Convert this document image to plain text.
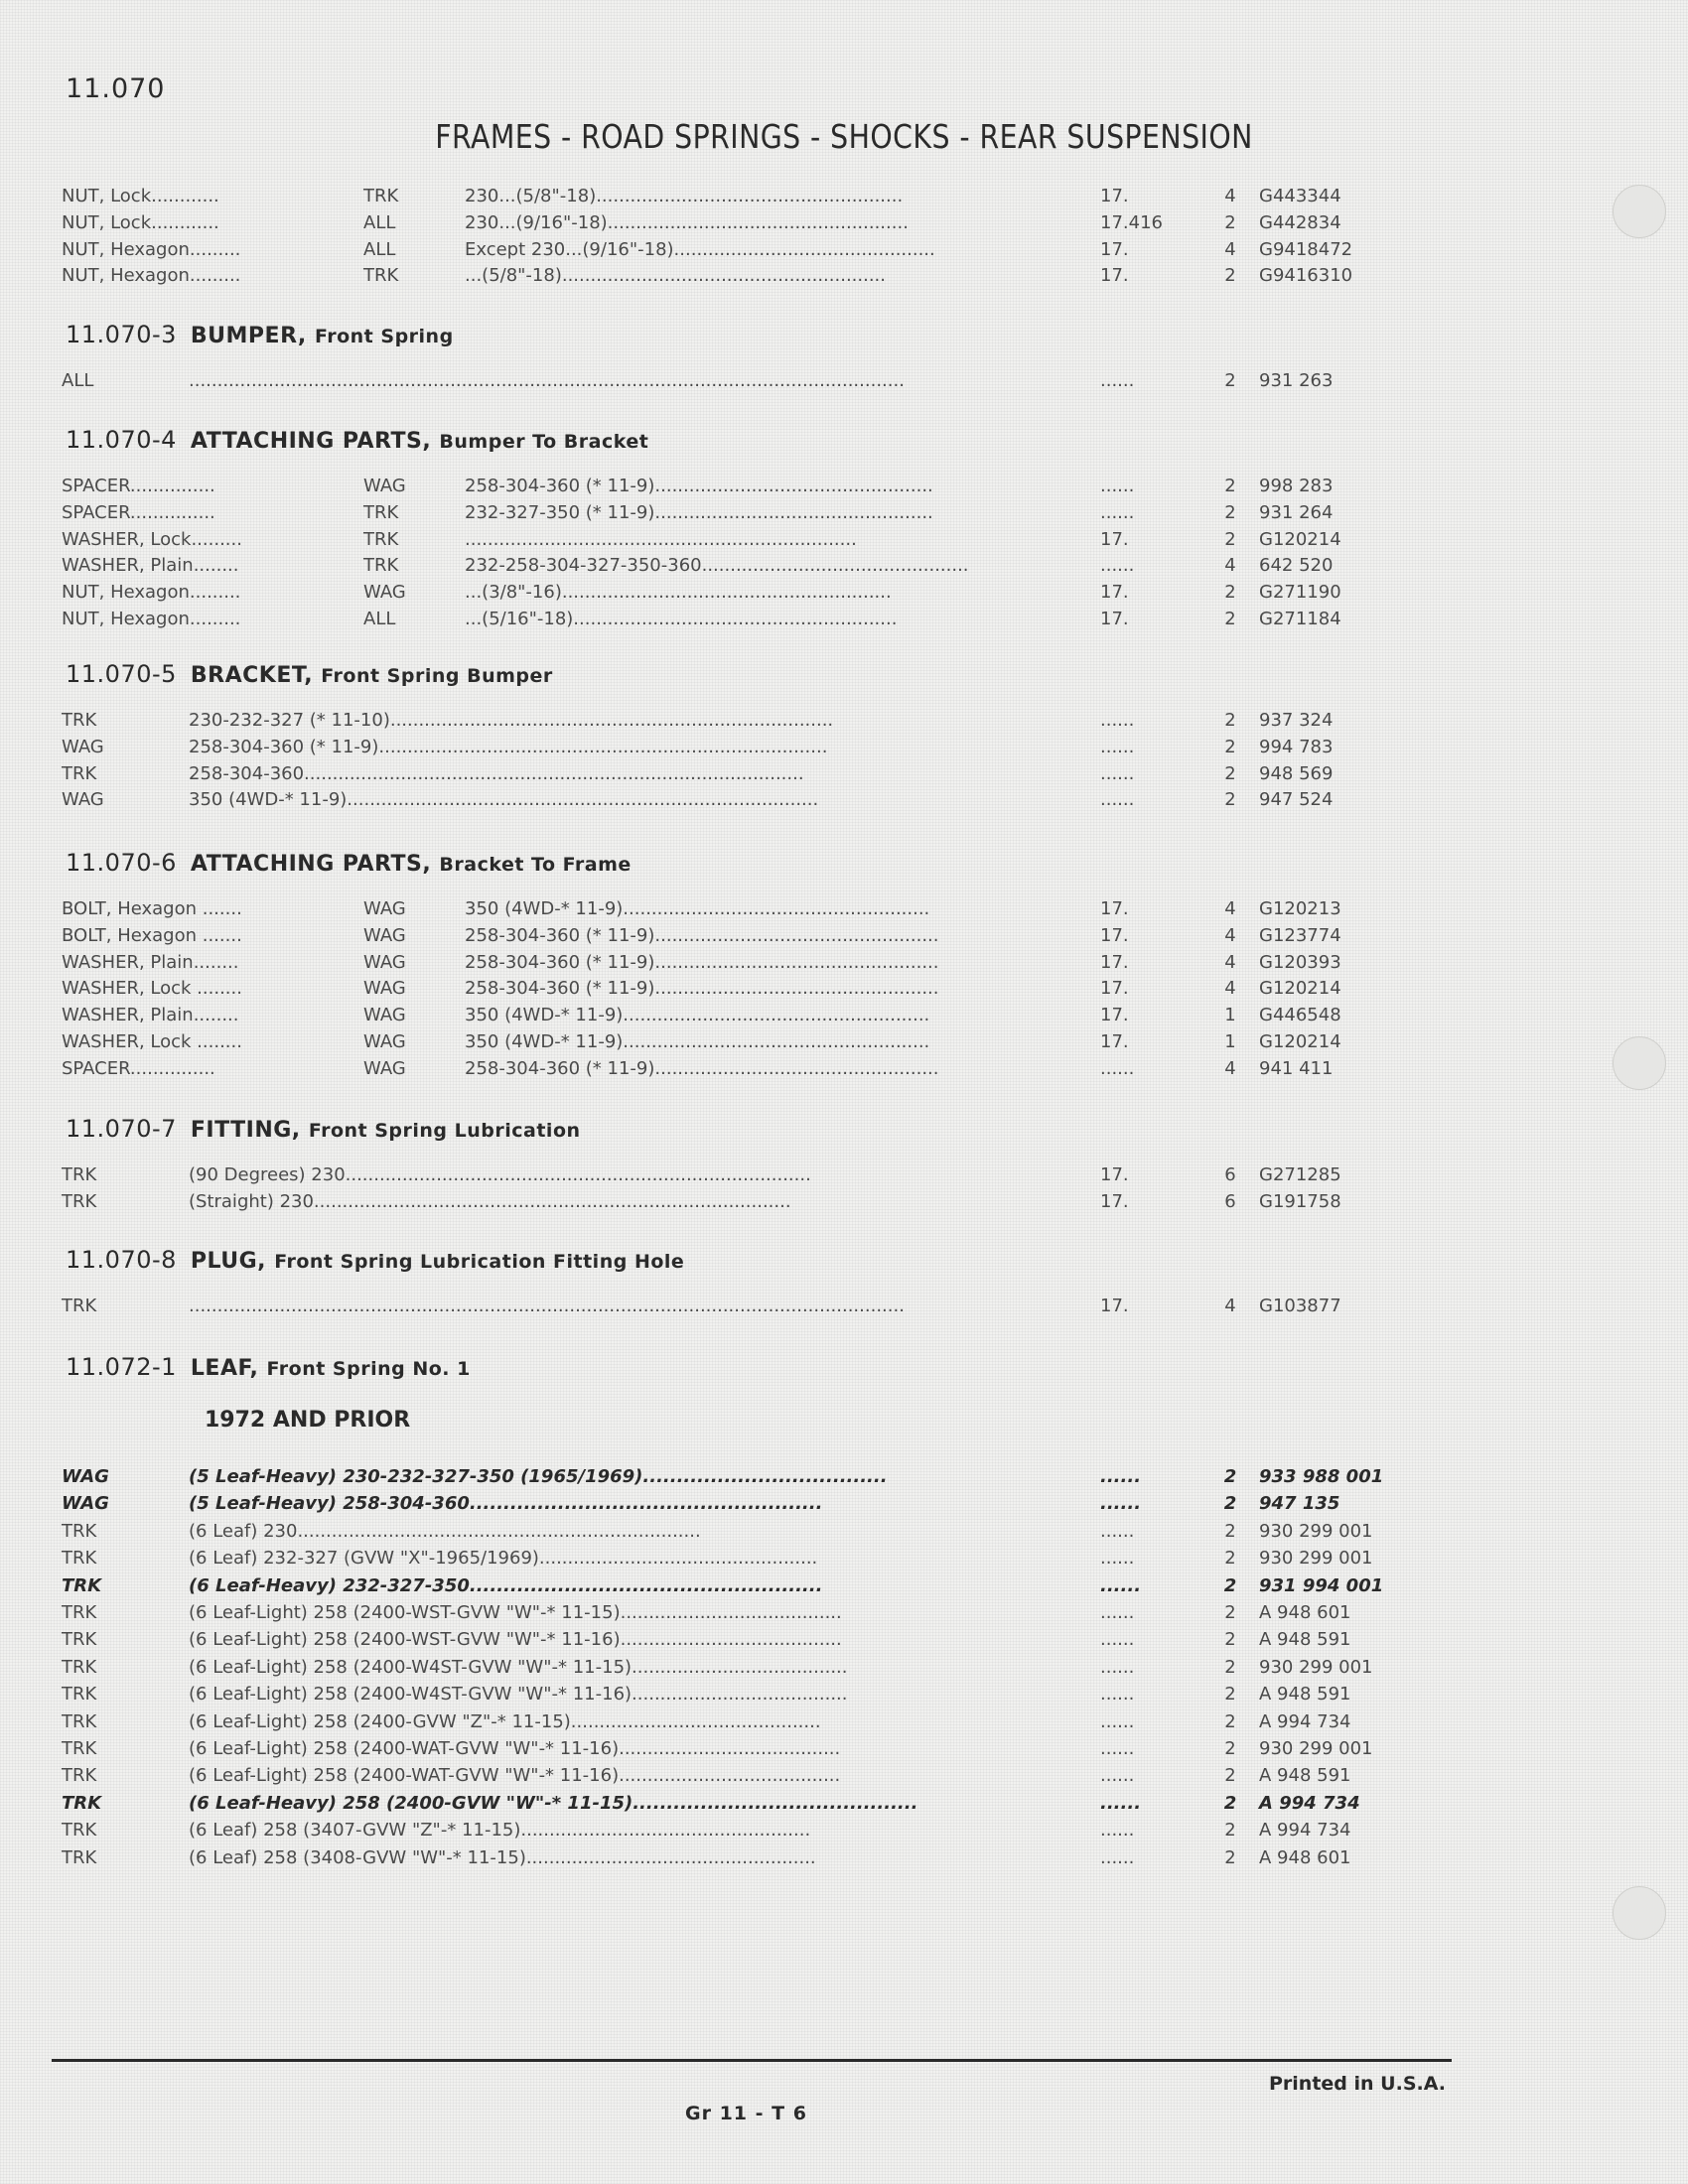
11.070
FRAMES - ROAD SPRINGS - SHOCKS - REAR SUSPENSION
NUT, Lock............	TRK	230...(5/8"-18)......................................................	17.	4	G443344
NUT, Lock............	ALL	230...(9/16"-18).....................................................	17.416	2	G442834
NUT, Hexagon.........	ALL	Except 230...(9/16"-18)..............................................	17.	4	G9418472
NUT, Hexagon.........	TRK	...(5/8"-18).........................................................	17.	2	G9416310
11.070-3 BUMPER, Front Spring
ALL	..............................................................................................................................	......	2	931 263
11.070-4 ATTACHING PARTS, Bumper To Bracket
SPACER...............	WAG	258-304-360 (* 11-9).................................................	......	2	998 283
SPACER...............	TRK	232-327-350 (* 11-9).................................................	......	2	931 264
WASHER, Lock.........	TRK	.....................................................................	17.	2	G120214
WASHER, Plain........	TRK	232-258-304-327-350-360...............................................	......	4	642 520
NUT, Hexagon.........	WAG	...(3/8"-16)..........................................................	17.	2	G271190
NUT, Hexagon.........	ALL	...(5/16"-18).........................................................	17.	2	G271184
11.070-5 BRACKET, Front Spring Bumper
TRK	230-232-327 (* 11-10)..............................................................................	......	2	937 324
WAG	258-304-360 (* 11-9)...............................................................................	......	2	994 783
TRK	258-304-360........................................................................................	......	2	948 569
WAG	350 (4WD-* 11-9)...................................................................................	......	2	947 524
11.070-6 ATTACHING PARTS, Bracket To Frame
BOLT, Hexagon .......	WAG	350 (4WD-* 11-9)......................................................	17.	4	G120213
BOLT, Hexagon .......	WAG	258-304-360 (* 11-9)..................................................	17.	4	G123774
WASHER, Plain........	WAG	258-304-360 (* 11-9)..................................................	17.	4	G120393
WASHER, Lock ........	WAG	258-304-360 (* 11-9)..................................................	17.	4	G120214
WASHER, Plain........	WAG	350 (4WD-* 11-9)......................................................	17.	1	G446548
WASHER, Lock ........	WAG	350 (4WD-* 11-9)......................................................	17.	1	G120214
SPACER...............	WAG	258-304-360 (* 11-9)..................................................	......	4	941 411
11.070-7 FITTING, Front Spring Lubrication
TRK	(90 Degrees) 230..................................................................................	17.	6	G271285
TRK	(Straight) 230....................................................................................	17.	6	G191758
11.070-8 PLUG, Front Spring Lubrication Fitting Hole
TRK	..............................................................................................................................	17.	4	G103877
11.072-1 LEAF, Front Spring No. 1
1972 AND PRIOR
WAG	(5 Leaf-Heavy) 230-232-327-350 (1965/1969)....................................	......	2	933 988 001
WAG	(5 Leaf-Heavy) 258-304-360....................................................	......	2	947 135
TRK	(6 Leaf) 230.......................................................................	......	2	930 299 001
TRK	(6 Leaf) 232-327 (GVW "X"-1965/1969).................................................	......	2	930 299 001
TRK	(6 Leaf-Heavy) 232-327-350....................................................	......	2	931 994 001
TRK	(6 Leaf-Light) 258 (2400-WST-GVW "W"-* 11-15).......................................	......	2	A 948 601
TRK	(6 Leaf-Light) 258 (2400-WST-GVW "W"-* 11-16).......................................	......	2	A 948 591
TRK	(6 Leaf-Light) 258 (2400-W4ST-GVW "W"-* 11-15)......................................	......	2	930 299 001
TRK	(6 Leaf-Light) 258 (2400-W4ST-GVW "W"-* 11-16)......................................	......	2	A 948 591
TRK	(6 Leaf-Light) 258 (2400-GVW "Z"-* 11-15)............................................	......	2	A 994 734
TRK	(6 Leaf-Light) 258 (2400-WAT-GVW "W"-* 11-16).......................................	......	2	930 299 001
TRK	(6 Leaf-Light) 258 (2400-WAT-GVW "W"-* 11-16).......................................	......	2	A 948 591
TRK	(6 Leaf-Heavy) 258 (2400-GVW "W"-* 11-15)..........................................	......	2	A 994 734
TRK	(6 Leaf) 258 (3407-GVW "Z"-* 11-15)...................................................	......	2	A 994 734
TRK	(6 Leaf) 258 (3408-GVW "W"-* 11-15)...................................................	......	2	A 948 601
Printed in U.S.A.
Gr 11 - T 6
